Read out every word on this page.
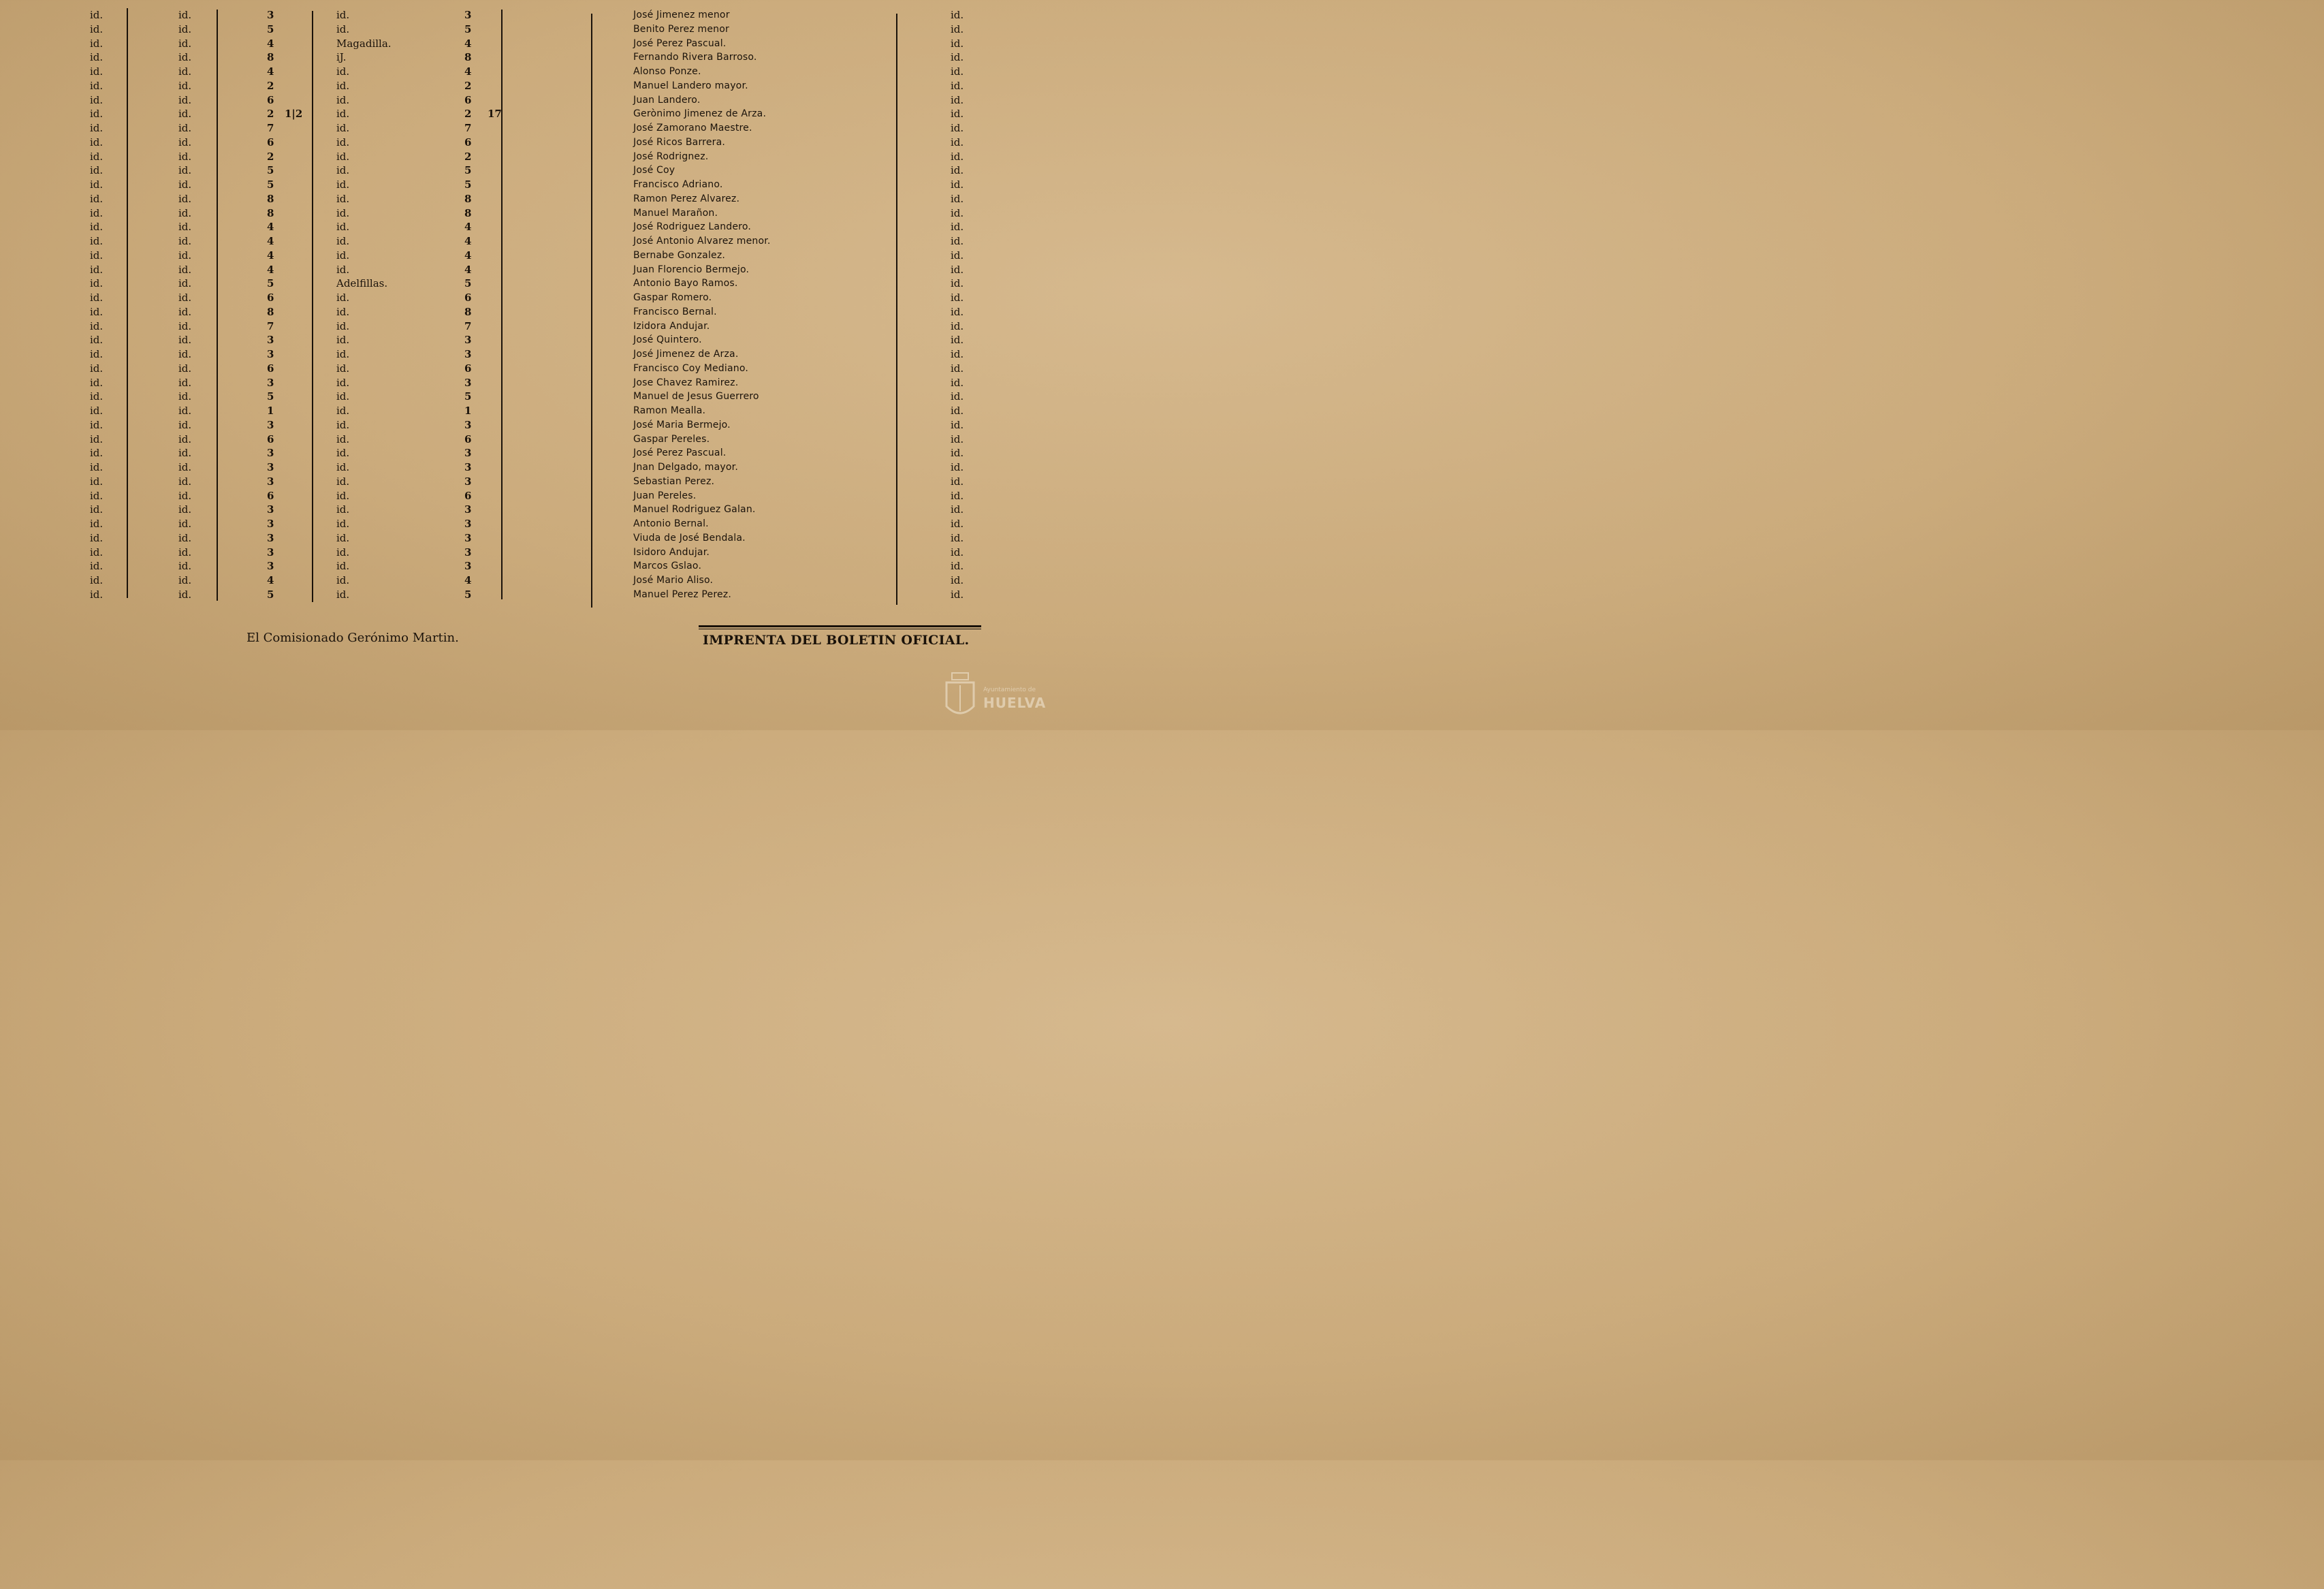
id.	id.	3	id.	3	José Jimenez menor	id.
id.	id.	5	id.	5	Benito Perez menor	id.
id.	id.	4	Magadilla.	4	José Perez Pascual.	id.
id.	id.	8	iJ.	8	Fernando Rivera Barroso.	id.
id.	id.	4	id.	4	Alonso Ponze.	id.
id.	id.	2	id.	2	Manuel Landero mayor.	id.
id.	id.	6	id.	6	Juan Landero.	id.
id.	id.	2 1|2	id.	2 17	Gerònimo Jimenez de Arza.	id.
id.	id.	7	id.	7	José Zamorano Maestre.	id.
id.	id.	6	id.	6	José Ricos Barrera.	id.
id.	id.	2	id.	2	José Rodrignez.	id.
id.	id.	5	id.	5	José Coy	id.
id.	id.	5	id.	5	Francisco Adriano.	id.
id.	id.	8	id.	8	Ramon Perez Alvarez.	id.
id.	id.	8	id.	8	Manuel Marañon.	id.
id.	id.	4	id.	4	José Rodriguez Landero.	id.
id.	id.	4	id.	4	José Antonio Alvarez menor.	id.
id.	id.	4	id.	4	Bernabe Gonzalez.	id.
id.	id.	4	id.	4	Juan Florencio Bermejo.	id.
id.	id.	5	Adelfillas.	5	Antonio Bayo Ramos.	id.
id.	id.	6	id.	6	Gaspar Romero.	id.
id.	id.	8	id.	8	Francisco Bernal.	id.
id.	id.	7	id.	7	Izidora Andujar.	id.
id.	id.	3	id.	3	José Quintero.	id.
id.	id.	3	id.	3	José Jimenez de Arza.	id.
id.	id.	6	id.	6	Francisco Coy Mediano.	id.
id.	id.	3	id.	3	Jose Chavez Ramirez.	id.
id.	id.	5	id.	5	Manuel de Jesus Guerrero	id.
id.	id.	1	id.	1	Ramon Mealla.	id.
id.	id.	3	id.	3	José Maria Bermejo.	id.
id.	id.	6	id.	6	Gaspar Pereles.	id.
id.	id.	3	id.	3	José Perez Pascual.	id.
id.	id.	3	id.	3	Jnan Delgado, mayor.	id.
id.	id.	3	id.	3	Sebastian Perez.	id.
id.	id.	6	id.	6	Juan Pereles.	id.
id.	id.	3	id.	3	Manuel Rodriguez Galan.	id.
id.	id.	3	id.	3	Antonio Bernal.	id.
id.	id.	3	id.	3	Viuda de José Bendala.	id.
id.	id.	3	id.	3	Isidoro Andujar.	id.
id.	id.	3	id.	3	Marcos Gslao.	id.
id.	id.	4	id.	4	José Mario Aliso.	id.
id.	id.	5	id.	5	Manuel Perez Perez.	id.
El Comisionado Gerónimo Martin.	IMPRENTA DEL BOLETIN OFICIAL.
Ayuntamiento de
HUELVA
